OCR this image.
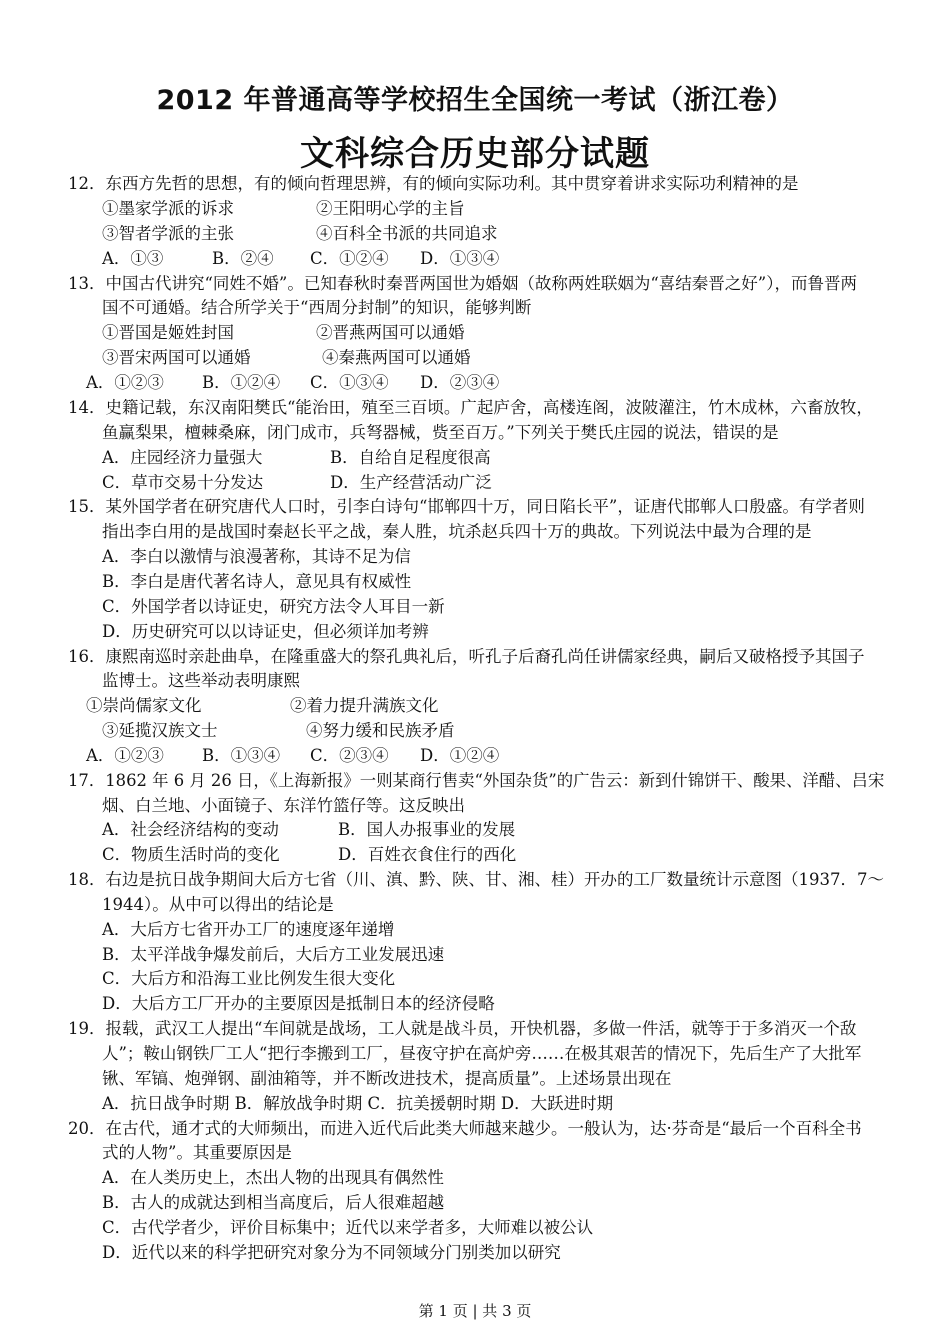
2012 年普通高等学校招生全国统一考试（浙江卷）
文科综合历史部分试题
12．东西方先哲的思想，有的倾向哲理思辨，有的倾向实际功利。其中贯穿着讲求实际功利精神的是
①墨家学派的诉求	②王阳明心学的主旨
③智者学派的主张	④百科全书派的共同追求
A．①③	B．②④ C．①②④ D．①③④
13．中国古代讲究“同姓不婚”。已知春秋时秦晋两国世为婚姻（故称两姓联姻为“喜结秦晋之好”），而鲁晋两
国不可通婚。结合所学关于“西周分封制”的知识，能够判断
①晋国是姬姓封国	②晋燕两国可以通婚
③晋宋两国可以通婚	④秦燕两国可以通婚
A．①②③ B．①②④ C．①③④ D．②③④
14．史籍记载，东汉南阳樊氏“能治田，殖至三百顷。广起庐舍，高楼连阁，波陂灌注，竹木成林，六畜放牧，
鱼赢梨果，檀棘桑麻，闭门成市，兵弩器械，赀至百万。”下列关于樊氏庄园的说法，错误的是
A．庄园经济力量强大	B．自给自足程度很高
C．草市交易十分发达	D．生产经营活动广泛
15．某外国学者在研究唐代人口时，引李白诗句“邯郸四十万，同日陷长平”，证唐代邯郸人口殷盛。有学者则
指出李白用的是战国时秦赵长平之战，秦人胜，坑杀赵兵四十万的典故。下列说法中最为合理的是
A．李白以激情与浪漫著称，其诗不足为信
B．李白是唐代著名诗人，意见具有权威性
C．外国学者以诗证史，研究方法令人耳目一新
D．历史研究可以以诗证史，但必须详加考辨
16．康熙南巡时亲赴曲阜，在隆重盛大的祭孔典礼后，听孔子后裔孔尚任讲儒家经典，嗣后又破格授予其国子
监博士。这些举动表明康熙
①崇尚儒家文化	②着力提升满族文化
③延揽汉族文士	④努力缓和民族矛盾
A．①②③ B．①③④ C．②③④ D．①②④
17．1862 年 6 月 26 日，《上海新报》一则某商行售卖“外国杂货”的广告云：新到什锦饼干、酸果、洋醋、吕宋
烟、白兰地、小面镜子、东洋竹篮仔等。这反映出
A．社会经济结构的变动	B．国人办报事业的发展
C．物质生活时尚的变化	D．百姓衣食住行的西化
18．右边是抗日战争期间大后方七省（川、滇、黔、陕、甘、湘、桂）开办的工厂数量统计示意图（1937．7～
1944）。从中可以得出的结论是
A．大后方七省开办工厂的速度逐年递增
B．太平洋战争爆发前后，大后方工业发展迅速
C．大后方和沿海工业比例发生很大变化
D．大后方工厂开办的主要原因是抵制日本的经济侵略
19．报载，武汉工人提出“车间就是战场，工人就是战斗员，开快机器，多做一件活，就等于于多消灭一个敌
人”；鞍山钢铁厂工人“把行李搬到工厂，昼夜守护在高炉旁……在极其艰苦的情况下，先后生产了大批军
锹、军镐、炮弹钢、副油箱等，并不断改进技术，提高质量”。上述场景出现在
A．抗日战争时期 B．解放战争时期 C．抗美援朝时期 D．大跃进时期
20．在古代，通才式的大师频出，而进入近代后此类大师越来越少。一般认为，达·芬奇是“最后一个百科全书
式的人物”。其重要原因是
A．在人类历史上，杰出人物的出现具有偶然性
B．古人的成就达到相当高度后，后人很难超越
C．古代学者少，评价目标集中；近代以来学者多，大师难以被公认
D．近代以来的科学把研究对象分为不同领域分门别类加以研究
第 1 页 | 共 3 页
